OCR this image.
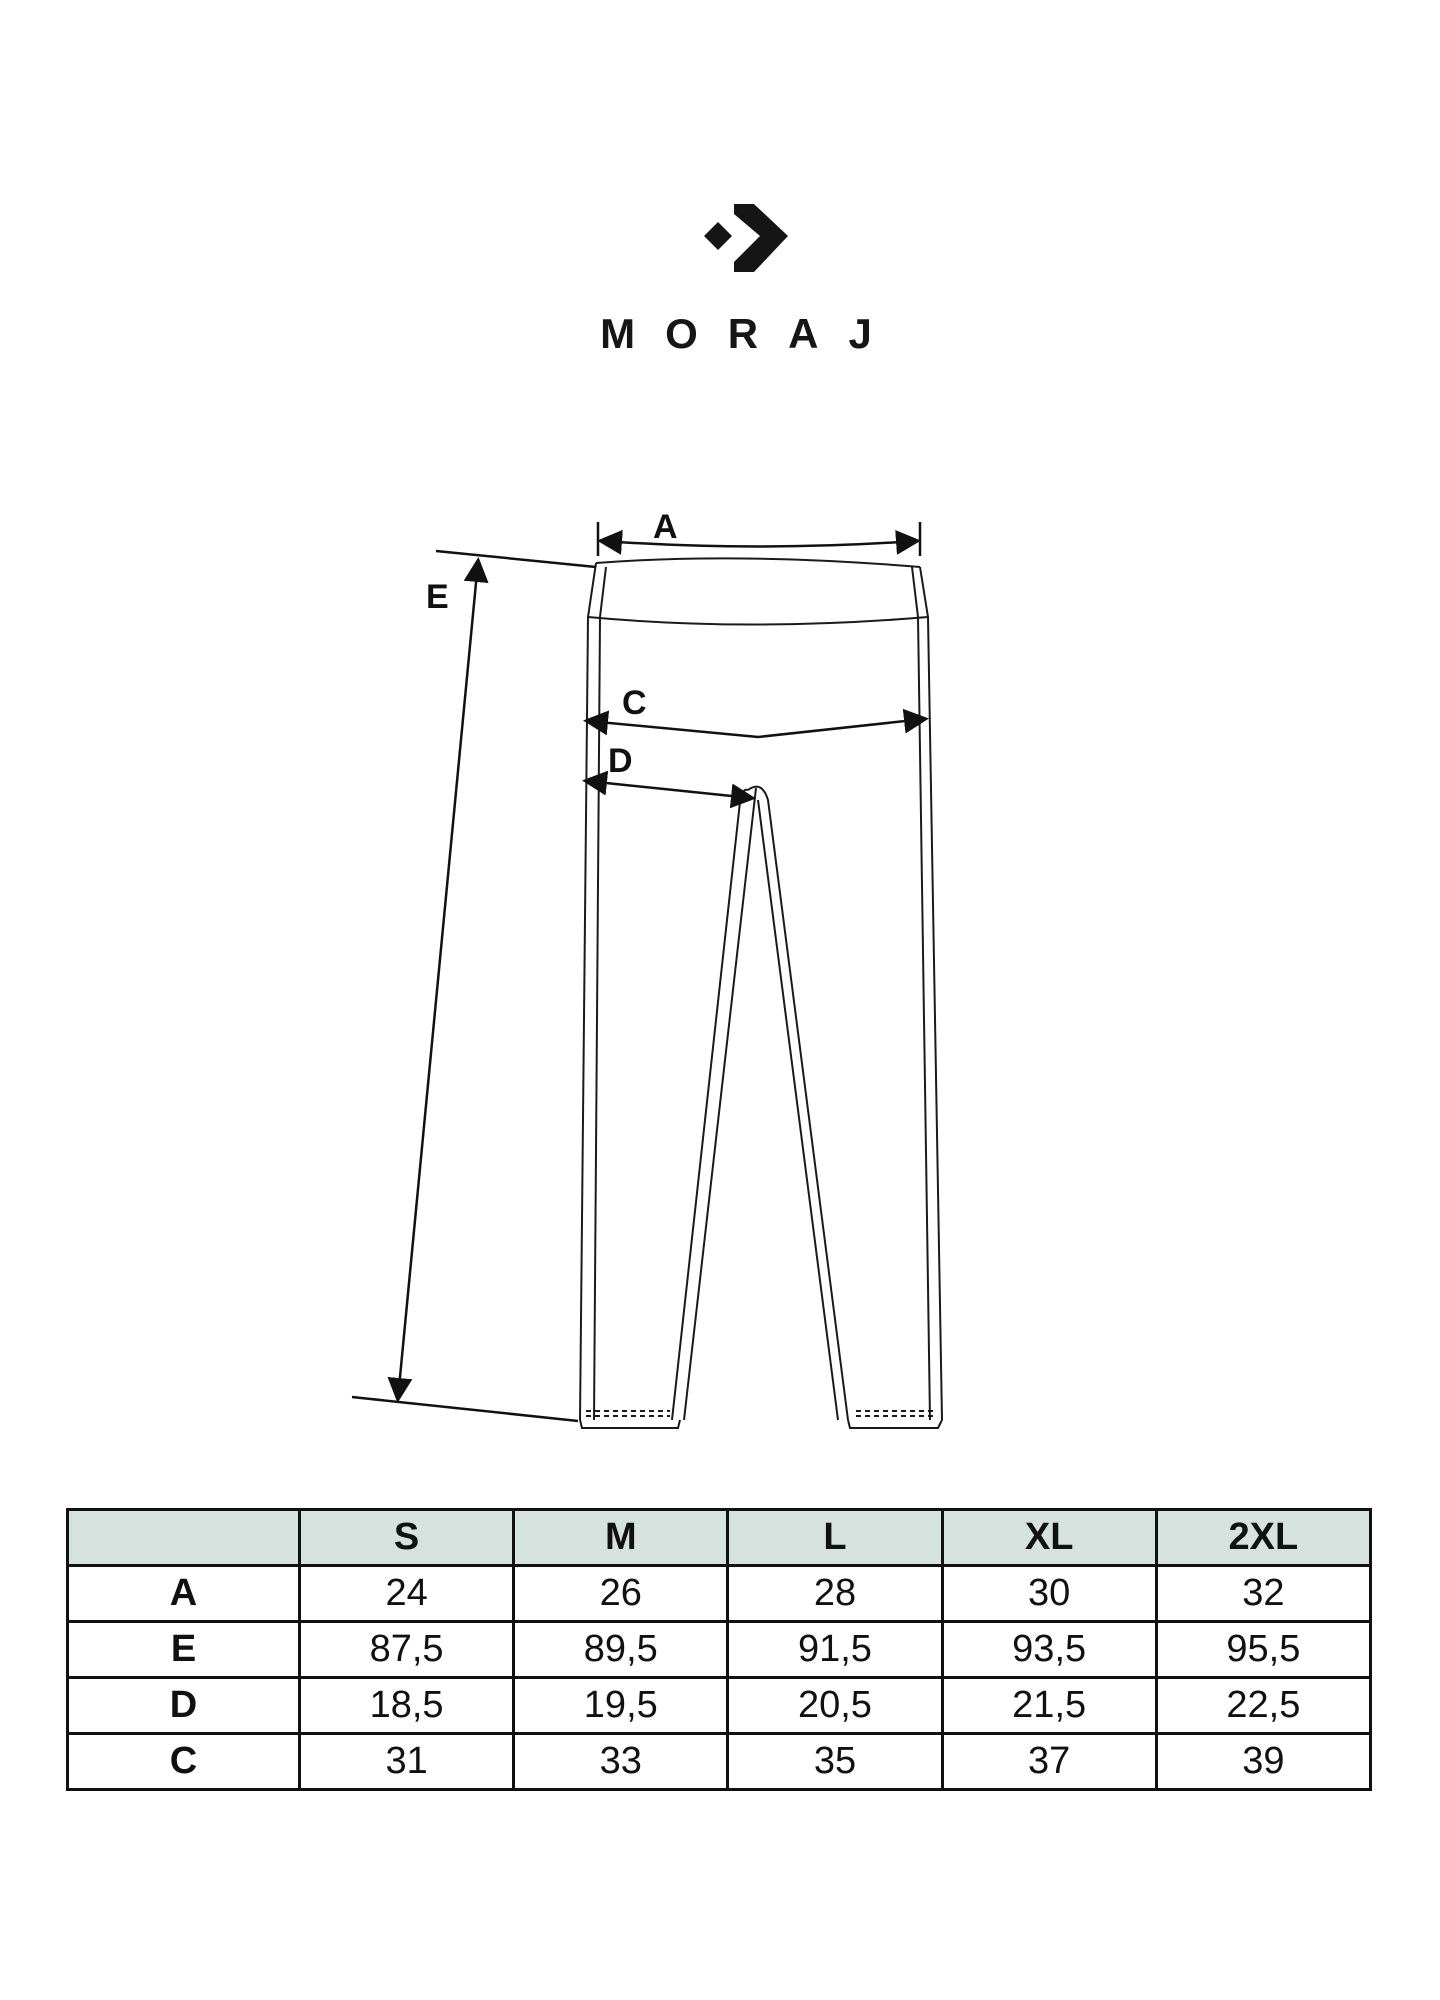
MORAJ
A
C
D
E
	S	M	L	XL	2XL
A	24	26	28	30	32
E	87,5	89,5	91,5	93,5	95,5
D	18,5	19,5	20,5	21,5	22,5
C	31	33	35	37	39
